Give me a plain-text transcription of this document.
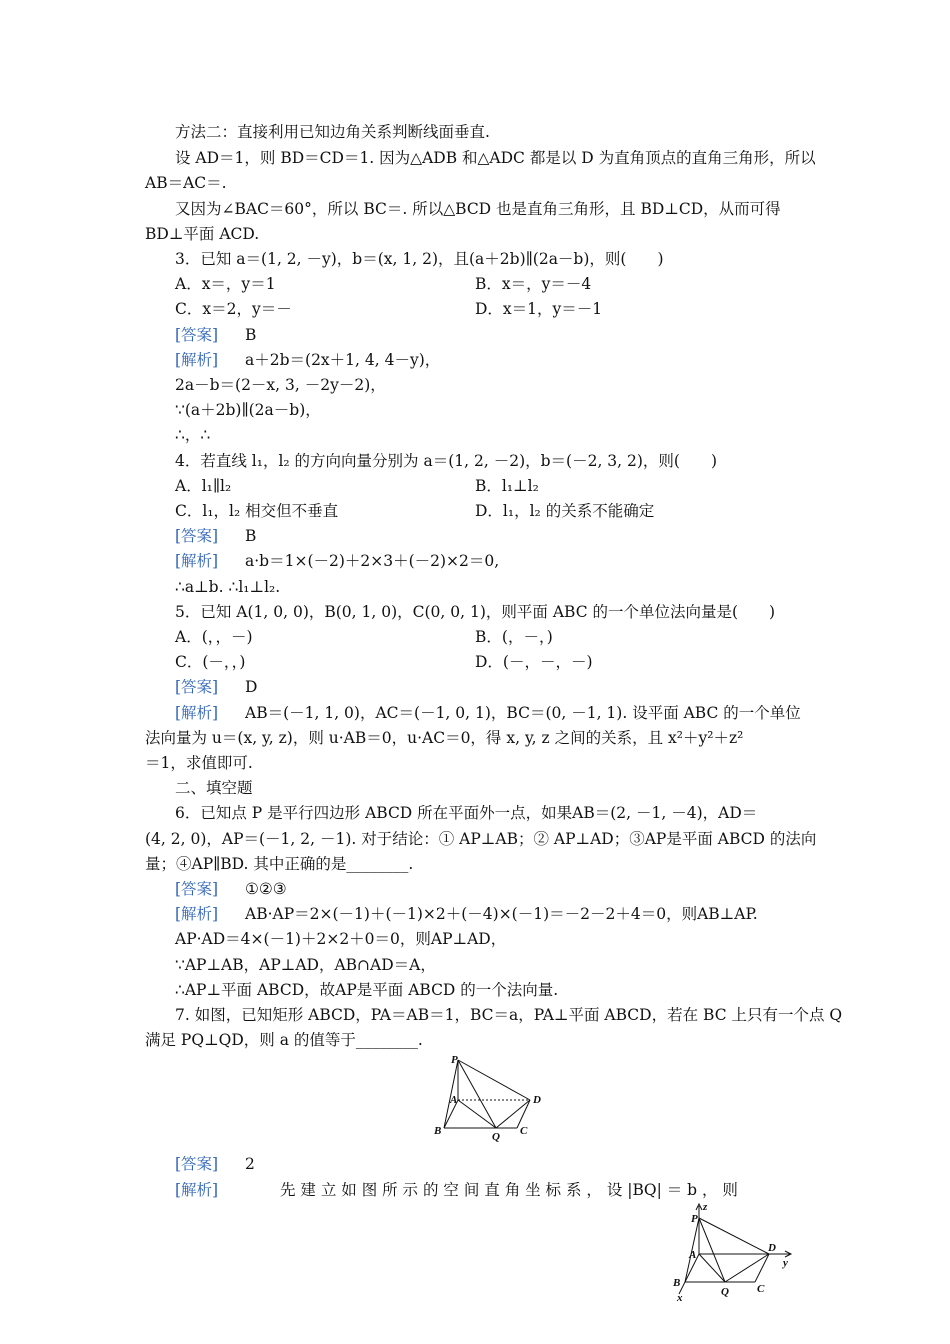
方法二：直接利用已知边角关系判断线面垂直.
设 AD＝1，则 BD＝CD＝1. 因为△ADB 和△ADC 都是以 D 为直角顶点的直角三角形，所以
AB＝AC＝.
又因为∠BAC＝60°，所以 BC＝. 所以△BCD 也是直角三角形，且 BD⊥CD，从而可得
BD⊥平面 ACD.
3．已知 a＝(1, 2, －y)，b＝(x, 1, 2)，且(a＋2b)∥(2a－b)，则(　　)
A．x＝，y＝1	B．x＝，y＝－4
C．x＝2，y＝－	D．x＝1，y＝－1
[答案] B
[解析] a＋2b＝(2x＋1, 4, 4－y)，
2a－b＝(2－x, 3, －2y－2)，
∵(a＋2b)∥(2a－b)，
∴，∴
4．若直线 l₁，l₂ 的方向向量分别为 a＝(1, 2, －2)，b＝(－2, 3, 2)，则(　　)
A．l₁∥l₂	B．l₁⊥l₂
C．l₁，l₂ 相交但不垂直	D．l₁，l₂ 的关系不能确定
[答案] B
[解析] a·b＝1×(－2)＋2×3＋(－2)×2＝0,
∴a⊥b. ∴l₁⊥l₂.
5．已知 A(1, 0, 0)，B(0, 1, 0)，C(0, 0, 1)，则平面 ABC 的一个单位法向量是(　　)
A．(，，－)	B．(，－，)
C．(－，，)	D．(－，－，－)
[答案] D
[解析] AB＝(－1, 1, 0)，AC＝(－1, 0, 1)，BC＝(0, －1, 1). 设平面 ABC 的一个单位
法向量为 u＝(x, y, z)，则 u·AB＝0，u·AC＝0，得 x, y, z 之间的关系，且 x²＋y²＋z²
＝1，求值即可.
二、填空题
6．已知点 P 是平行四边形 ABCD 所在平面外一点，如果AB＝(2, －1, －4)，AD＝
(4, 2, 0)，AP＝(－1, 2, －1). 对于结论：① AP⊥AB；② AP⊥AD；③AP是平面 ABCD 的法向
量；④AP∥BD. 其中正确的是________.
[答案] ①②③
[解析] AB·AP＝2×(－1)＋(－1)×2＋(－4)×(－1)＝－2－2＋4＝0，则AB⊥AP.
AP·AD＝4×(－1)＋2×2＋0＝0，则AP⊥AD，
∵AP⊥AB，AP⊥AD，AB∩AD＝A，
∴AP⊥平面 ABCD，故AP是平面 ABCD 的一个法向量.
7. 如图，已知矩形 ABCD，PA＝AB＝1，BC＝a，PA⊥平面 ABCD，若在 BC 上只有一个点 Q
满足 PQ⊥QD，则 a 的值等于________.
P
A	D
B	Q C
[答案] 2
[解析]	先 建 立 如 图 所 示 的 空 间 直 角 坐 标 系 ， 设 |BQ| ＝ b ， 则
P
z
A
D
y
B
x	Q	C
